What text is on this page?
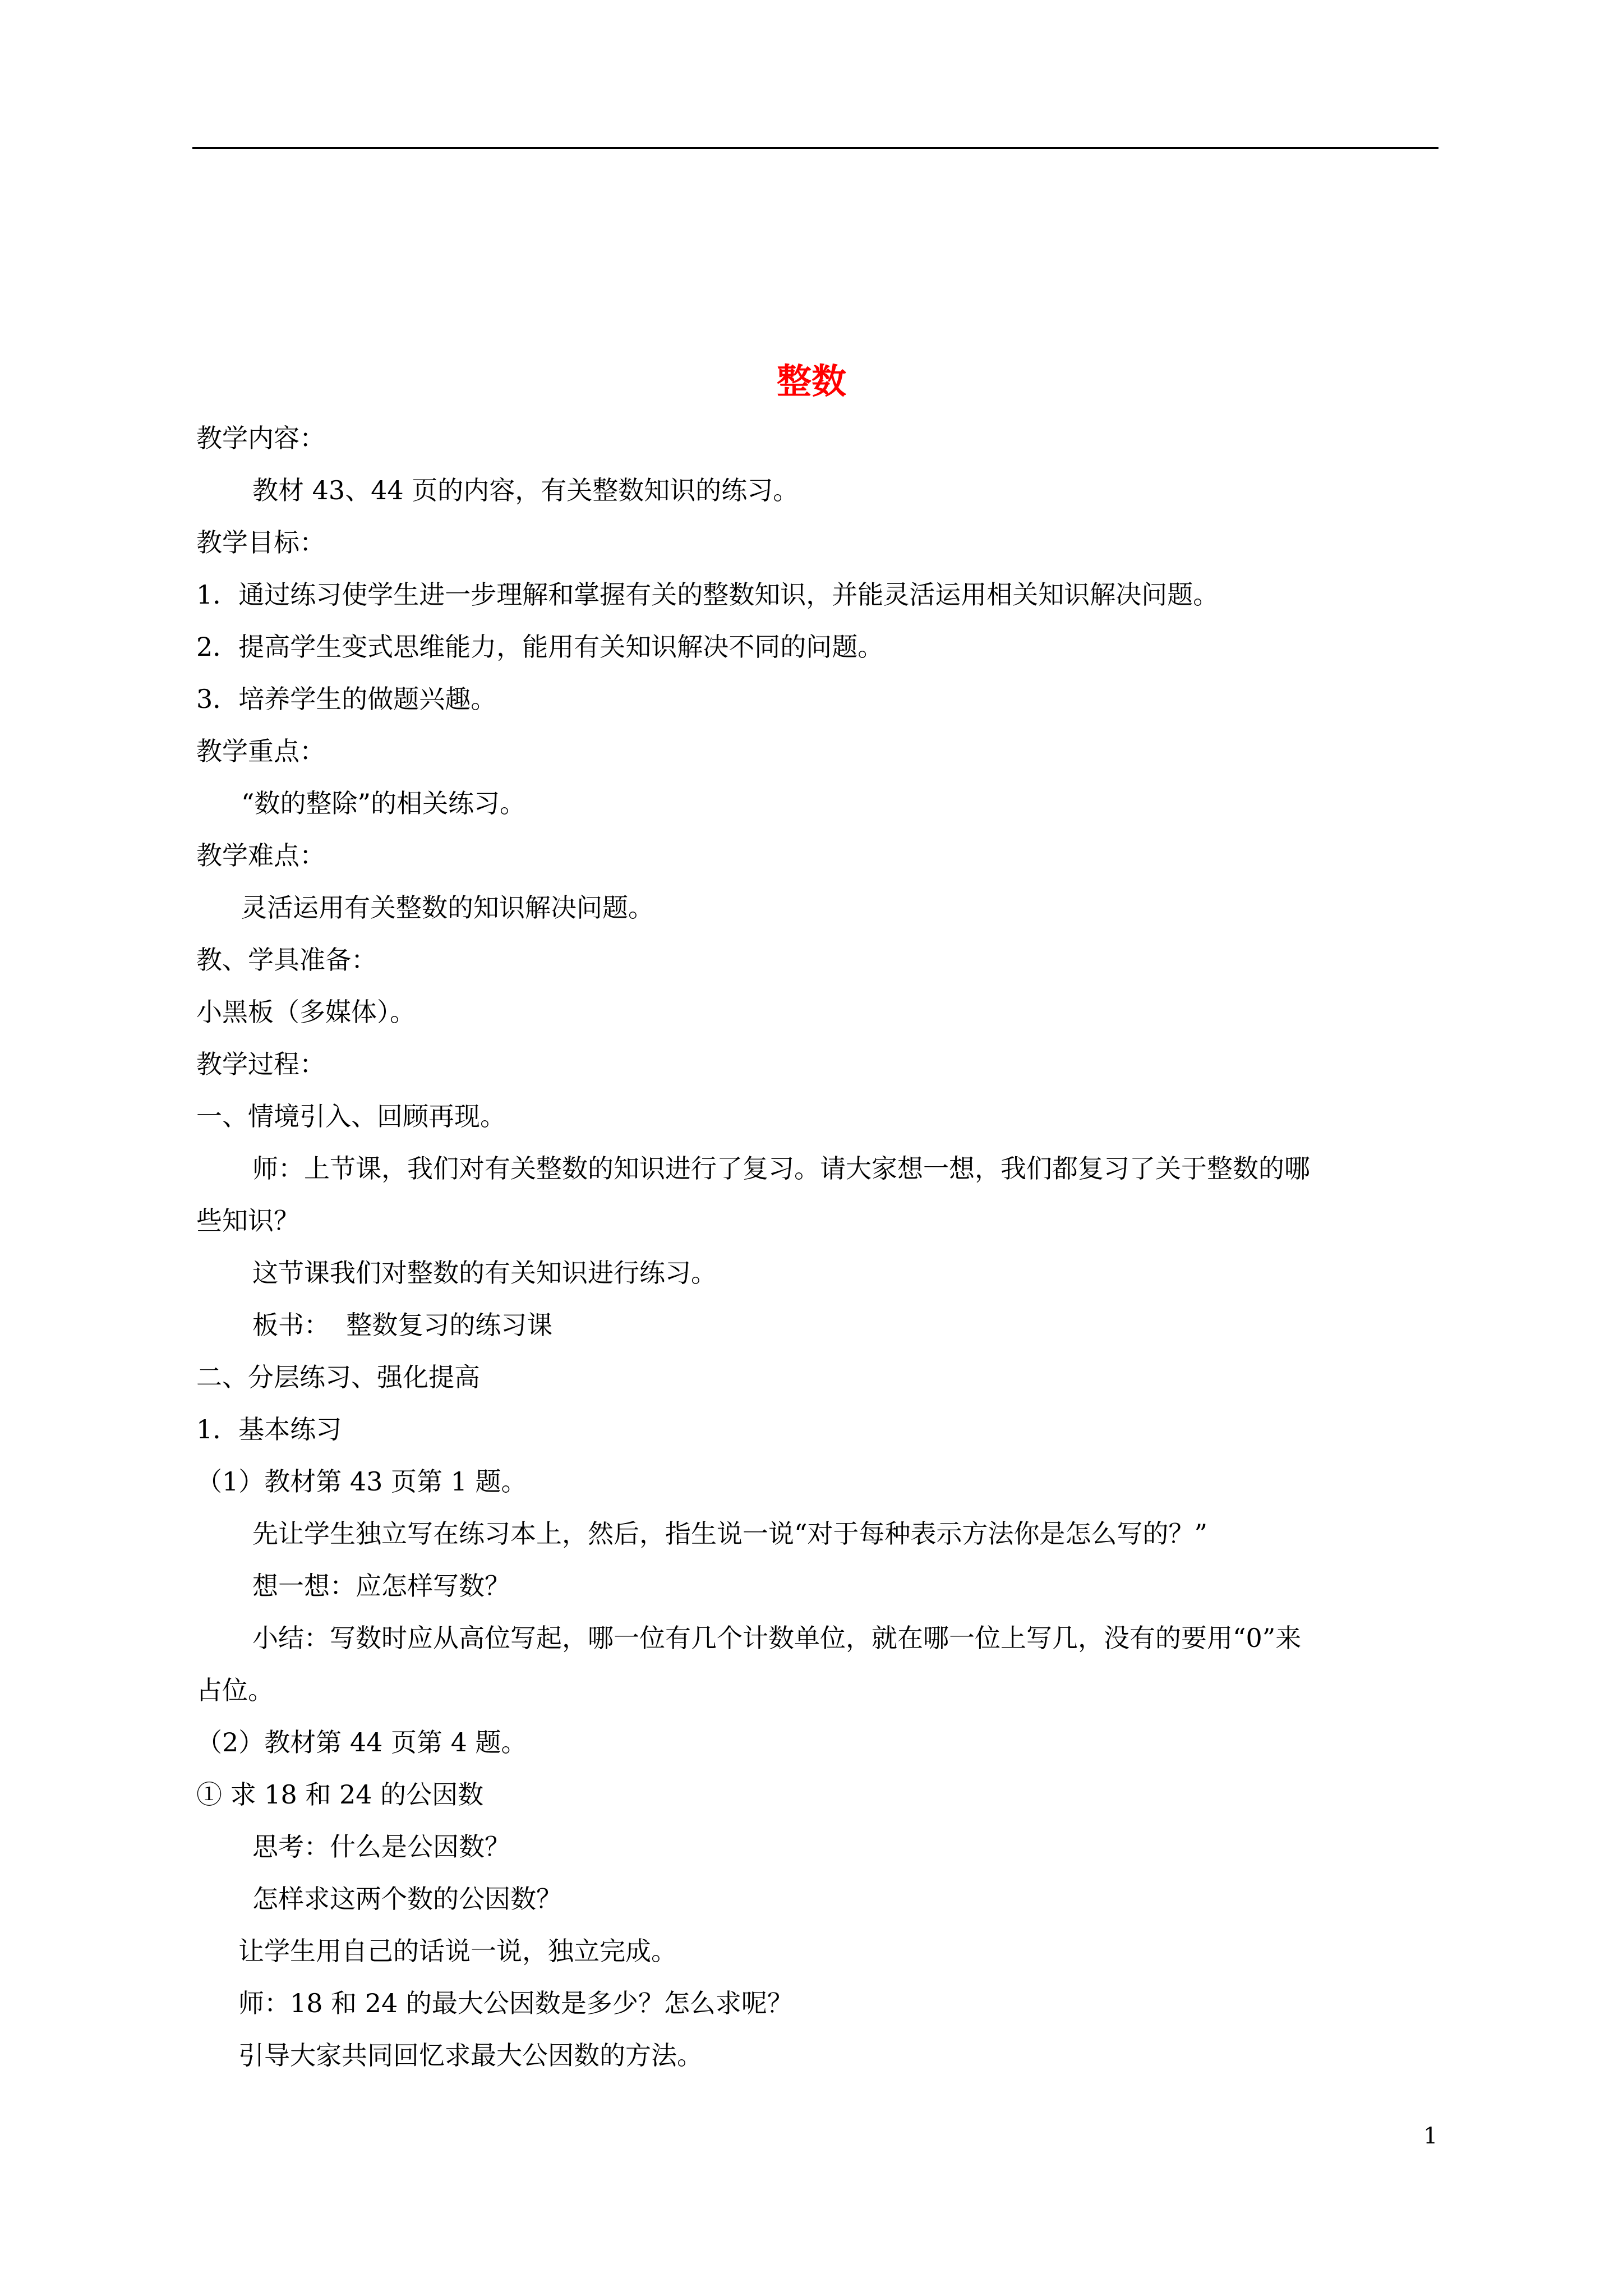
整数
教学内容：
教材 43、44 页的内容，有关整数知识的练习。
教学目标：
1．通过练习使学生进一步理解和掌握有关的整数知识，并能灵活运用相关知识解决问题。
2．提高学生变式思维能力，能用有关知识解决不同的问题。
3．培养学生的做题兴趣。
教学重点：
“数的整除”的相关练习。
教学难点：
灵活运用有关整数的知识解决问题。
教、学具准备：
小黑板（多媒体）。
教学过程：
一、情境引入、回顾再现。
师：上节课，我们对有关整数的知识进行了复习。请大家想一想，我们都复习了关于整数的哪
些知识？
这节课我们对整数的有关知识进行练习。
板书：  整数复习的练习课
二、分层练习、强化提高
1．基本练习
（1）教材第 43 页第 1 题。
先让学生独立写在练习本上，然后，指生说一说“对于每种表示方法你是怎么写的？”
想一想：应怎样写数？
小结：写数时应从高位写起，哪一位有几个计数单位，就在哪一位上写几，没有的要用“0”来
占位。
（2）教材第 44 页第 4 题。
① 求 18 和 24 的公因数
思考：什么是公因数？
怎样求这两个数的公因数？
让学生用自己的话说一说，独立完成。
师：18 和 24 的最大公因数是多少？怎么求呢？
引导大家共同回忆求最大公因数的方法。
1
